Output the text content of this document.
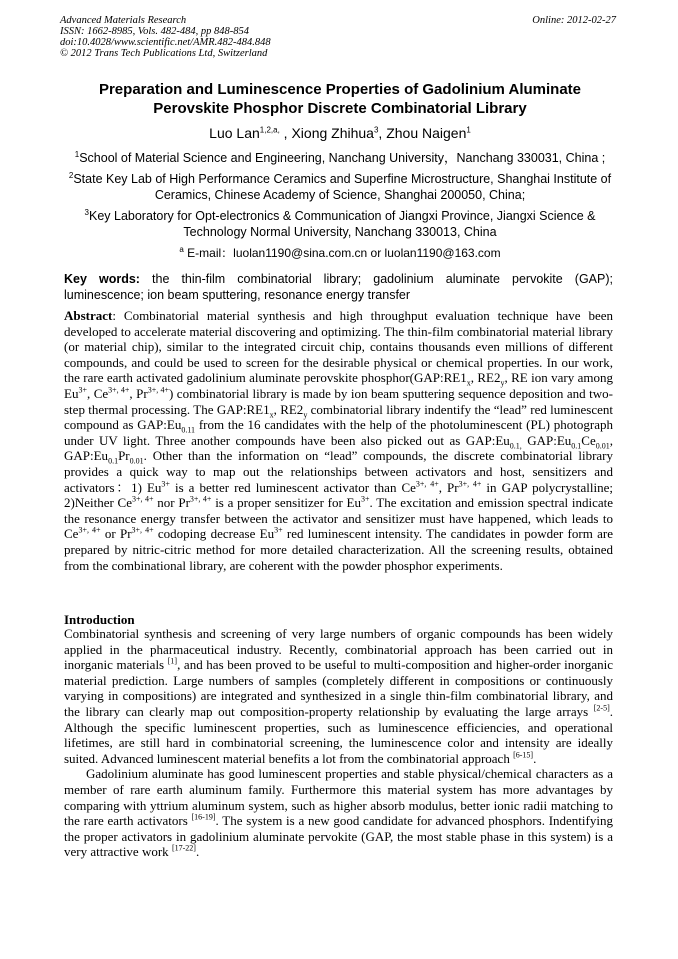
Advanced Materials Research
ISSN: 1662-8985, Vols. 482-484, pp 848-854
doi:10.4028/www.scientific.net/AMR.482-484.848
© 2012 Trans Tech Publications Ltd, Switzerland
Online: 2012-02-27
Preparation and Luminescence Properties of Gadolinium Aluminate
Perovskite Phosphor Discrete Combinatorial Library
Luo Lan$^{1,2,a,}$ , Xiong Zhihua$^3$, Zhou Naigen$^1$
$^1$School of Material Science and Engineering, Nanchang University，Nanchang 330031, China ;
$^2$State Key Lab of High Performance Ceramics and Superfine Microstructure, Shanghai Institute of Ceramics, Chinese Academy of Science, Shanghai 200050, China;
$^3$Key Laboratory for Opt-electronics & Communication of Jiangxi Province, Jiangxi Science & Technology Normal University, Nanchang 330013, China
$^a$ E-mail：luolan1190@sina.com.cn or luolan1190@163.com
Key words: the thin-film combinatorial library; gadolinium aluminate pervokite (GAP); luminescence; ion beam sputtering, resonance energy transfer
Abstract: Combinatorial material synthesis and high throughput evaluation technique have been developed to accelerate material discovering and optimizing. The thin-film combinatorial material library (or material chip), similar to the integrated circuit chip, contains thousands even millions of different compounds, and could be used to screen for the desirable physical or chemical properties. In our work, the rare earth activated gadolinium aluminate perovskite $phosphor(GAP:RE1_x$, $RE2_y$, RE ion vary among $Eu^{3+}$, $Ce^{3+, 4+}$, $Pr^{3+, 4+}$) combinatorial library is made by ion beam sputtering sequence deposition and two-step thermal processing. The $GAP:RE1_x$, $RE2_y$ combinatorial library indentify the “lead” red luminescent compound as $GAP:Eu_{0.11}$ from the 16 candidates with the help of the photoluminescent (PL) photograph under UV light. Three another compounds have been also picked out as $GAP:Eu_{0.1,}$ $GAP:Eu_{0.1}Ce_{0.01}$, $GAP:Eu_{0.1}Pr_{0.01}$. Other than the information on “lead” compounds, the discrete combinatorial library provides a quick way to map out the relationships between activators and host, sensitizers and activators：1) $Eu^{3+}$ is a better red luminescent activator than $Ce^{3+, 4+}$, $Pr^{3+, 4+}$ in GAP polycrystalline; 2)Neither $Ce^{3+, 4+}$ nor $Pr^{3+, 4+}$ is a proper sensitizer for $Eu^{3+}$. The excitation and emission spectral indicate the resonance energy transfer between the activator and sensitizer must have happened, which leads to $Ce^{3+, 4+}$ or $Pr^{3+, 4+}$ codoping decrease $Eu^{3+}$ red luminescent intensity. The candidates in powder form are prepared by nitric-citric method for more detailed characterization. All the screening results, obtained from the combinational library, are coherent with the powder phosphor experiments.
Introduction

Combinatorial synthesis and screening of very large numbers of organic compounds has been widely applied in the pharmaceutical industry. Recently, combinatorial approach has been carried out in inorganic materials [1], and has been proved to be useful to multi-composition and higher-order inorganic material prediction. Large numbers of samples (completely different in compositions or continuously varying in compositions) are integrated and synthesized in a single thin-film combinatorial library, and the library can clearly map out composition-property relationship by evaluating the large arrays [2-5]. Although the specific luminescent properties, such as luminescence efficiencies, and operational lifetimes, are still hard in combinatorial screening, the luminescence color and intensity are ideally suited. Advanced luminescent material benefits a lot from the combinatorial approach [6-15].

Gadolinium aluminate has good luminescent properties and stable physical/chemical characters as a member of rare earth aluminum family. Furthermore this material system has more advantages by comparing with yttrium aluminum system, such as higher absorb modulus, better ionic radii matching to the rare earth activators [16-19]. The system is a new good candidate for advanced phosphors. Indentifying the proper activators in gadolinium aluminate pervokite (GAP, the most stable phase in this system) is a very attractive work [17-22].
